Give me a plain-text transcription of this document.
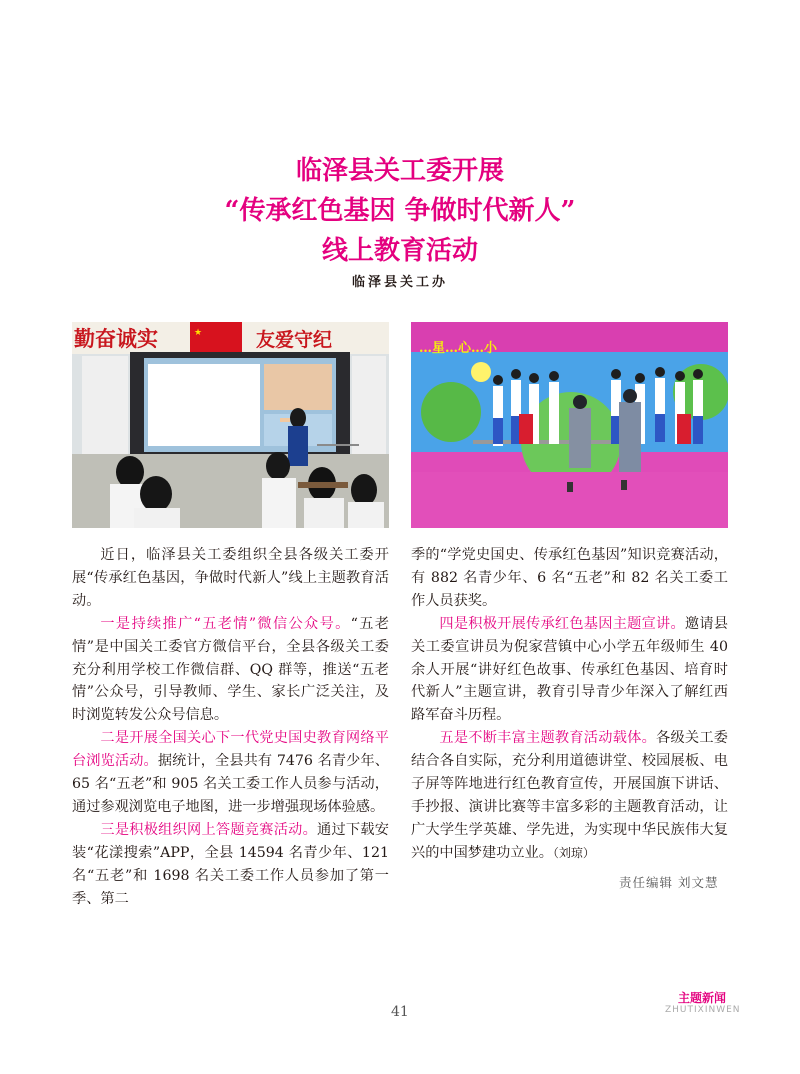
临泽县关工委开展
“传承红色基因 争做时代新人”
线上教育活动
临泽县关工办
勤奋诚实	★	友爱守纪	…星…心…小

近日，临泽县关工委组织全县各级关工委开展“传承红色基因，争做时代新人”线上主题教育活动。

一是持续推广“五老情”微信公众号。“五老情”是中国关工委官方微信平台，全县各级关工委充分利用学校工作微信群、QQ 群等，推送“五老情”公众号，引导教师、学生、家长广泛关注，及时浏览转发公众号信息。

二是开展全国关心下一代党史国史教育网络平台浏览活动。据统计，全县共有 7476 名青少年、65 名“五老”和 905 名关工委工作人员参与活动，通过参观浏览电子地图，进一步增强现场体验感。

三是积极组织网上答题竞赛活动。通过下载安装“花漾搜索”APP，全县 14594 名青少年、121 名“五老”和 1698 名关工委工作人员参加了第一季、第二

季的“学党史国史、传承红色基因”知识竞赛活动，有 882 名青少年、6 名“五老”和 82 名关工委工作人员获奖。

四是积极开展传承红色基因主题宣讲。邀请县关工委宣讲员为倪家营镇中心小学五年级师生 40 余人开展“讲好红色故事、传承红色基因、培育时代新人”主题宣讲，教育引导青少年深入了解红西路军奋斗历程。

五是不断丰富主题教育活动载体。各级关工委结合各自实际，充分利用道德讲堂、校园展板、电子屏等阵地进行红色教育宣传，开展国旗下讲话、手抄报、演讲比赛等丰富多彩的主题教育活动，让广大学生学英雄、学先进，为实现中华民族伟大复兴的中国梦建功立业。（刘琼）

责任编辑 刘文慧
41
主题新闻
ZHUTIXINWEN
